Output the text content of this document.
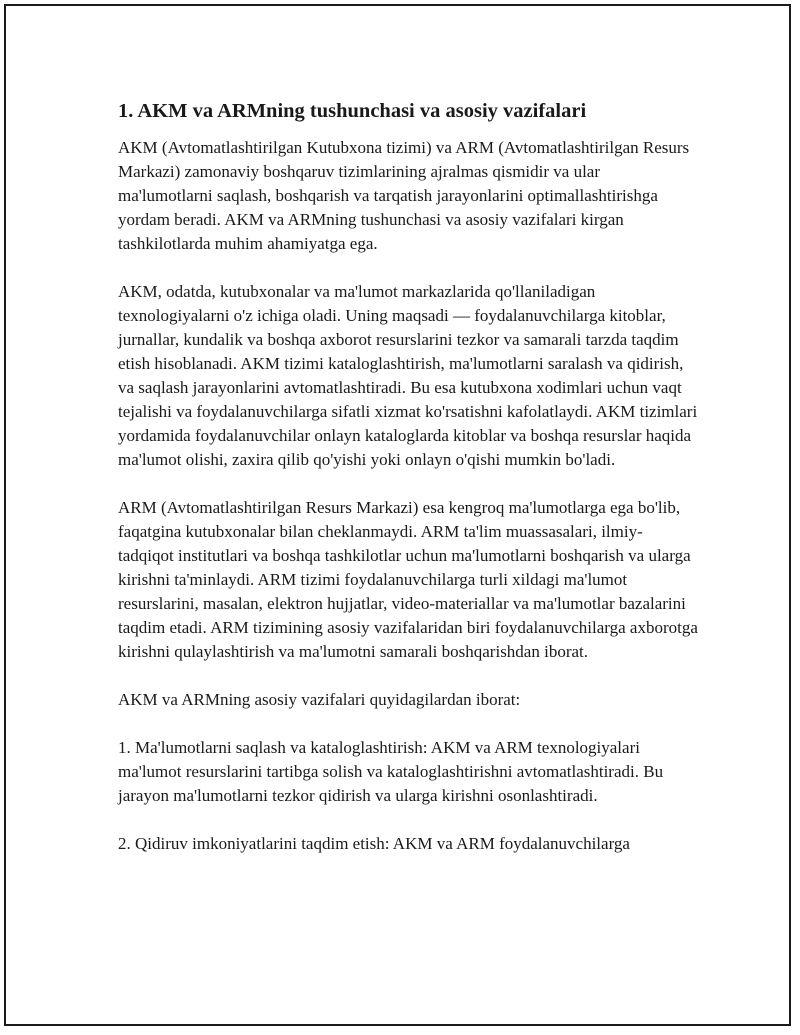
1. AKM va ARMning tushunchasi va asosiy vazifalari

AKM (Avtomatlashtirilgan Kutubxona tizimi) va ARM (Avtomatlashtirilgan Resurs Markazi) zamonaviy boshqaruv tizimlarining ajralmas qismidir va ular ma'lumotlarni saqlash, boshqarish va tarqatish jarayonlarini optimallashtirishga yordam beradi. AKM va ARMning tushunchasi va asosiy vazifalari kirgan tashkilotlarda muhim ahamiyatga ega.

AKM, odatda, kutubxonalar va ma'lumot markazlarida qo'llaniladigan texnologiyalarni o'z ichiga oladi. Uning maqsadi — foydalanuvchilarga kitoblar, jurnallar, kundalik va boshqa axborot resurslarini tezkor va samarali tarzda taqdim etish hisoblanadi. AKM tizimi kataloglashtirish, ma'lumotlarni saralash va qidirish, va saqlash jarayonlarini avtomatlashtiradi. Bu esa kutubxona xodimlari uchun vaqt tejalishi va foydalanuvchilarga sifatli xizmat ko'rsatishni kafolatlaydi. AKM tizimlari yordamida foydalanuvchilar onlayn kataloglarda kitoblar va boshqa resurslar haqida ma'lumot olishi, zaxira qilib qo'yishi yoki onlayn o'qishi mumkin bo'ladi.

ARM (Avtomatlashtirilgan Resurs Markazi) esa kengroq ma'lumotlarga ega bo'lib, faqatgina kutubxonalar bilan cheklanmaydi. ARM ta'lim muassasalari, ilmiy-tadqiqot institutlari va boshqa tashkilotlar uchun ma'lumotlarni boshqarish va ularga kirishni ta'minlaydi. ARM tizimi foydalanuvchilarga turli xildagi ma'lumot resurslarini, masalan, elektron hujjatlar, video-materiallar va ma'lumotlar bazalarini taqdim etadi. ARM tizimining asosiy vazifalaridan biri foydalanuvchilarga axborotga kirishni qulaylashtirish va ma'lumotni samarali boshqarishdan iborat.

AKM va ARMning asosiy vazifalari quyidagilardan iborat:

1. Ma'lumotlarni saqlash va kataloglashtirish: AKM va ARM texnologiyalari ma'lumot resurslarini tartibga solish va kataloglashtirishni avtomatlashtiradi. Bu jarayon ma'lumotlarni tezkor qidirish va ularga kirishni osonlashtiradi.

2. Qidiruv imkoniyatlarini taqdim etish: AKM va ARM foydalanuvchilarga
